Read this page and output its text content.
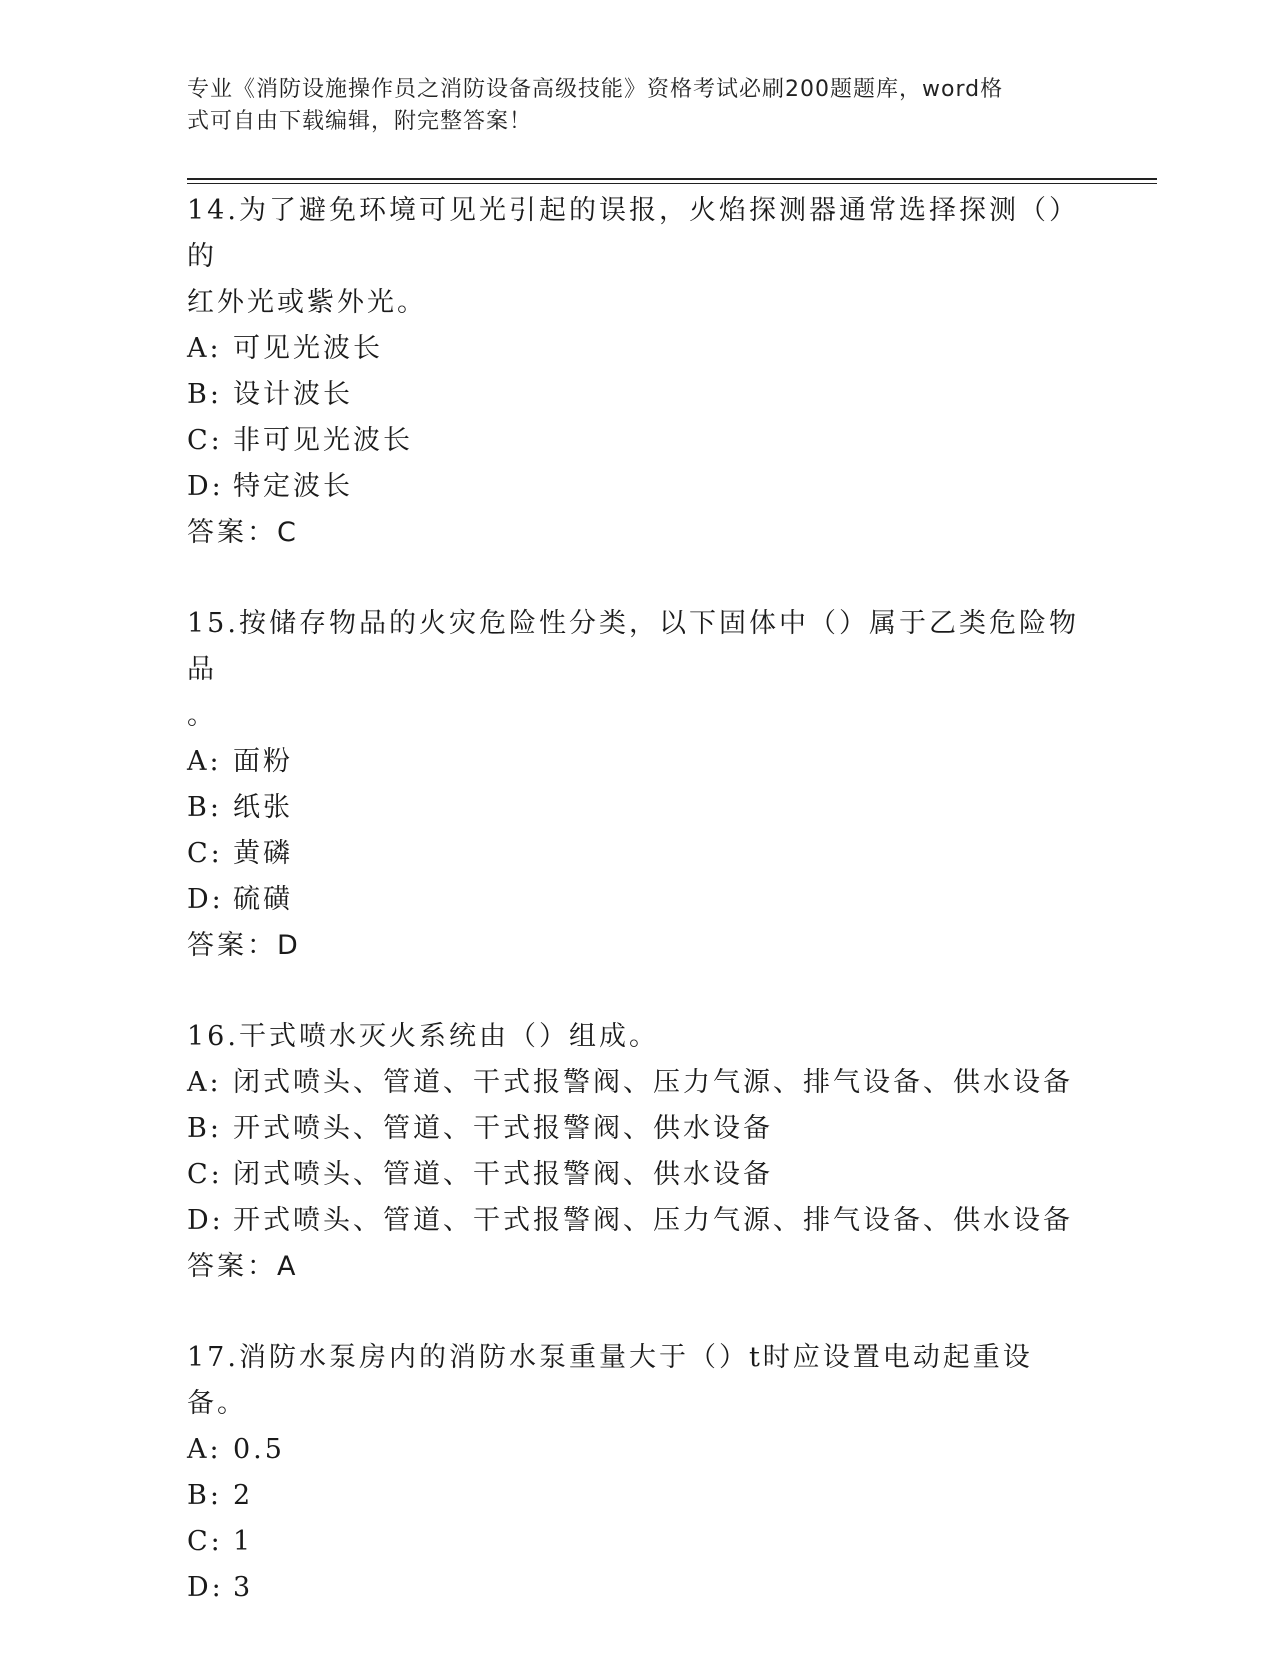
专业《消防设施操作员之消防设备高级技能》资格考试必刷200题题库，word格
式可自由下载编辑，附完整答案！
14.为了避免环境可见光引起的误报，火焰探测器通常选择探测（）的
红外光或紫外光。
A: 可见光波长
B: 设计波长
C: 非可见光波长
D: 特定波长
答案：C
15.按储存物品的火灾危险性分类，以下固体中（）属于乙类危险物品
。
A: 面粉
B: 纸张
C: 黄磷
D: 硫磺
答案：D
16.干式喷水灭火系统由（）组成。
A: 闭式喷头、管道、干式报警阀、压力气源、排气设备、供水设备
B: 开式喷头、管道、干式报警阀、供水设备
C: 闭式喷头、管道、干式报警阀、供水设备
D: 开式喷头、管道、干式报警阀、压力气源、排气设备、供水设备
答案：A
17.消防水泵房内的消防水泵重量大于（）t时应设置电动起重设备。
A: 0.5
B: 2
C: 1
D: 3
